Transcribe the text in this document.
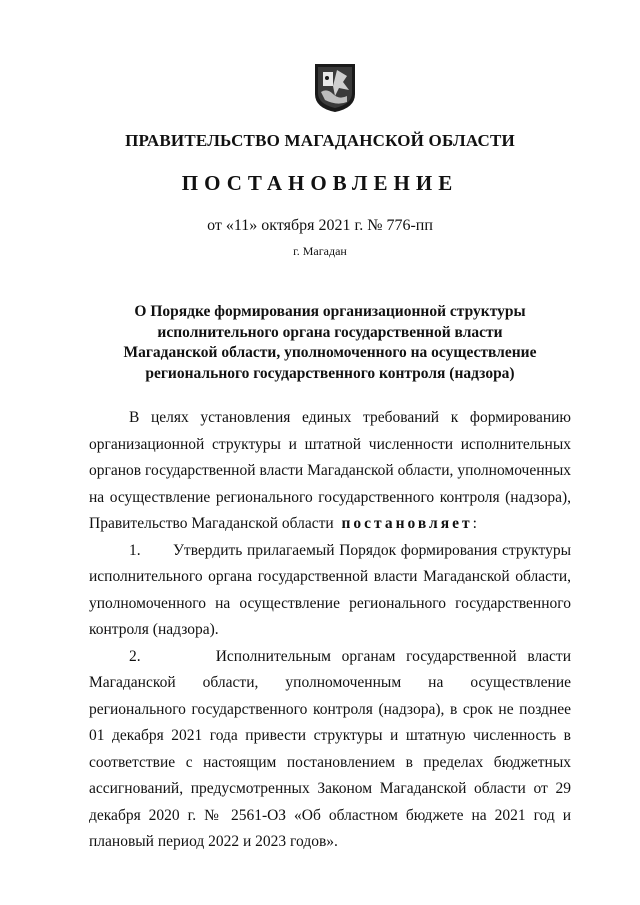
ПРАВИТЕЛЬСТВО МАГАДАНСКОЙ ОБЛАСТИ
ПОСТАНОВЛЕНИЕ
от «11» октября 2021 г. № 776-пп
г. Магадан
О Порядке формирования организационной структуры
исполнительного органа государственной власти
Магаданской области, уполномоченного на осуществление
регионального государственного контроля (надзора)

В целях установления единых требований к формированию организационной структуры и штатной численности исполнительных органов государственной власти Магаданской области, уполномоченных на осуществление регионального государственного контроля (надзора), Правительство Магаданской области постановляет:

1. Утвердить прилагаемый Порядок формирования структуры исполнительного органа государственной власти Магаданской области, уполномоченного на осуществление регионального государственного контроля (надзора).

2.	Исполнительным органам государственной власти Магаданской области, уполномоченным на осуществление регионального государственного контроля (надзора), в срок не позднее 01 декабря 2021 года привести структуры и штатную численность в соответствие с настоящим постановлением в пределах бюджетных ассигнований, предусмотренных Законом Магаданской области от 29 декабря 2020 г. № 2561-ОЗ «Об областном бюджете на 2021 год и плановый период 2022 и 2023 годов».
